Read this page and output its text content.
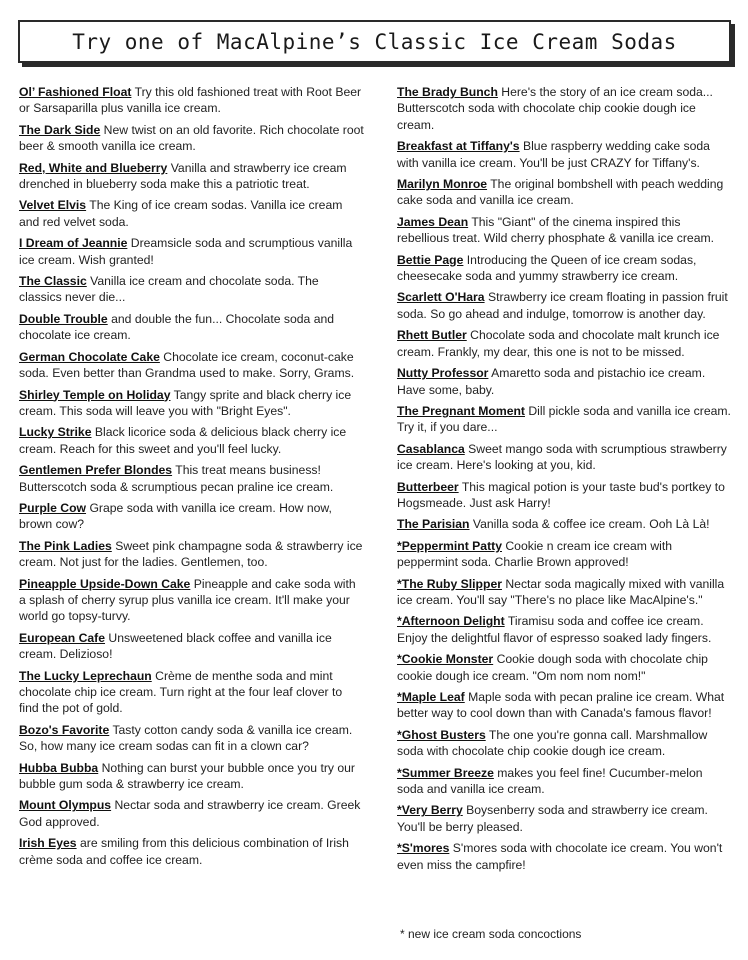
Try one of MacAlpine’s Classic Ice Cream Sodas
Ol’ Fashioned Float Try this old fashioned treat with Root Beer or Sarsaparilla plus vanilla ice cream.
The Dark Side New twist on an old favorite. Rich chocolate root beer & smooth vanilla ice cream.
Red, White and Blueberry Vanilla and strawberry ice cream drenched in blueberry soda make this a patriotic treat.
Velvet Elvis The King of ice cream sodas. Vanilla ice cream and red velvet soda.
I Dream of Jeannie Dreamsicle soda and scrumptious vanilla ice cream. Wish granted!
The Classic Vanilla ice cream and chocolate soda. The classics never die...
Double Trouble and double the fun... Chocolate soda and chocolate ice cream.
German Chocolate Cake Chocolate ice cream, coconut-cake soda. Even better than Grandma used to make. Sorry, Grams.
Shirley Temple on Holiday Tangy sprite and black cherry ice cream. This soda will leave you with "Bright Eyes".
Lucky Strike Black licorice soda & delicious black cherry ice cream. Reach for this sweet and you'll feel lucky.
Gentlemen Prefer Blondes This treat means business! Butterscotch soda & scrumptious pecan praline ice cream.
Purple Cow Grape soda with vanilla ice cream. How now, brown cow?
The Pink Ladies Sweet pink champagne soda & strawberry ice cream. Not just for the ladies. Gentlemen, too.
Pineapple Upside-Down Cake Pineapple and cake soda with a splash of cherry syrup plus vanilla ice cream. It'll make your world go topsy-turvy.
European Cafe Unsweetened black coffee and vanilla ice cream. Delizioso!
The Lucky Leprechaun Crème de menthe soda and mint chocolate chip ice cream. Turn right at the four leaf clover to find the pot of gold.
Bozo's Favorite Tasty cotton candy soda & vanilla ice cream. So, how many ice cream sodas can fit in a clown car?
Hubba Bubba Nothing can burst your bubble once you try our bubble gum soda & strawberry ice cream.
Mount Olympus Nectar soda and strawberry ice cream. Greek God approved.
Irish Eyes are smiling from this delicious combination of Irish crème soda and coffee ice cream.
The Brady Bunch Here's the story of an ice cream soda... Butterscotch soda with chocolate chip cookie dough ice cream.
Breakfast at Tiffany's Blue raspberry wedding cake soda with vanilla ice cream. You'll be just CRAZY for Tiffany's.
Marilyn Monroe The original bombshell with peach wedding cake soda and vanilla ice cream.
James Dean This "Giant" of the cinema inspired this rebellious treat. Wild cherry phosphate & vanilla ice cream.
Bettie Page Introducing the Queen of ice cream sodas, cheesecake soda and yummy strawberry ice cream.
Scarlett O'Hara Strawberry ice cream floating in passion fruit soda. So go ahead and indulge, tomorrow is another day.
Rhett Butler Chocolate soda and chocolate malt krunch ice cream. Frankly, my dear, this one is not to be missed.
Nutty Professor Amaretto soda and pistachio ice cream. Have some, baby.
The Pregnant Moment Dill pickle soda and vanilla ice cream. Try it, if you dare...
Casablanca Sweet mango soda with scrumptious strawberry ice cream. Here's looking at you, kid.
Butterbeer This magical potion is your taste bud's portkey to Hogsmeade. Just ask Harry!
The Parisian Vanilla soda & coffee ice cream. Ooh Là Là!
*Peppermint Patty Cookie n cream ice cream with peppermint soda. Charlie Brown approved!
*The Ruby Slipper Nectar soda magically mixed with vanilla ice cream. You'll say "There's no place like MacAlpine's."
*Afternoon Delight Tiramisu soda and coffee ice cream. Enjoy the delightful flavor of espresso soaked lady fingers.
*Cookie Monster Cookie dough soda with chocolate chip cookie dough ice cream. "Om nom nom nom!"
*Maple Leaf Maple soda with pecan praline ice cream. What better way to cool down than with Canada's famous flavor!
*Ghost Busters The one you're gonna call. Marshmallow soda with chocolate chip cookie dough ice cream.
*Summer Breeze makes you feel fine! Cucumber-melon soda and vanilla ice cream.
*Very Berry Boysenberry soda and strawberry ice cream. You'll be berry pleased.
*S'mores S'mores soda with chocolate ice cream. You won't even miss the campfire!
* new ice cream soda concoctions
